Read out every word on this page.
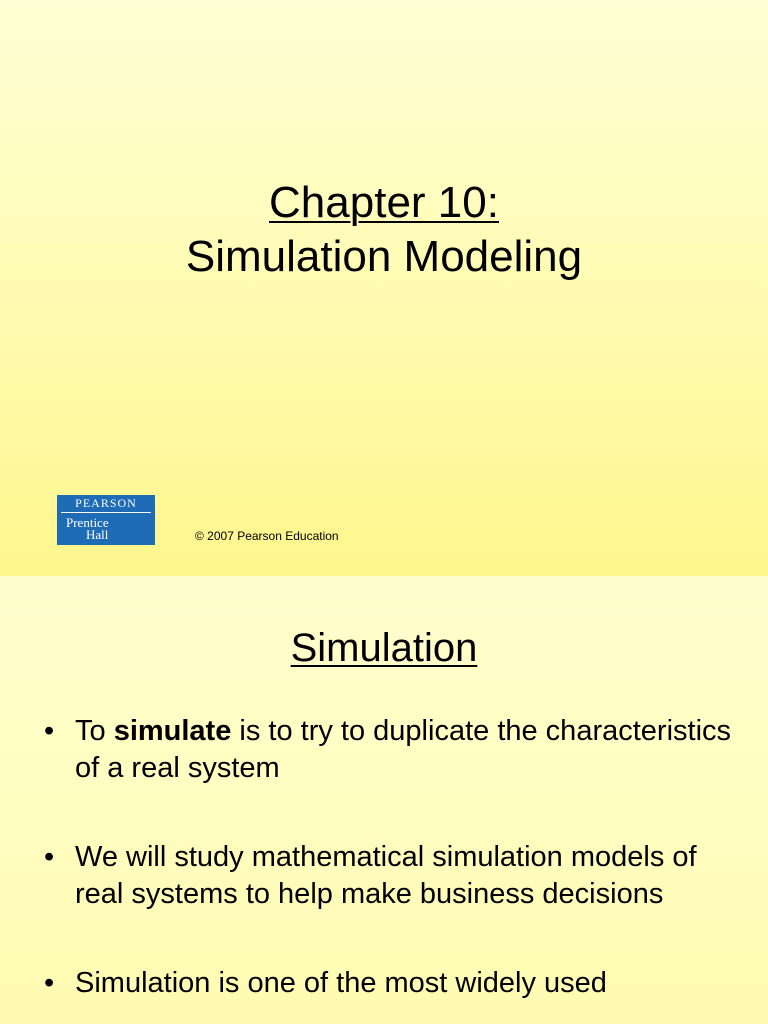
Chapter 10:
Simulation Modeling
PEARSON
Prentice
Hall	© 2007 Pearson Education
Simulation
• To simulate is to try to duplicate the characteristics of a real system
• We will study mathematical simulation models of real systems to help make business decisions
• Simulation is one of the most widely used
